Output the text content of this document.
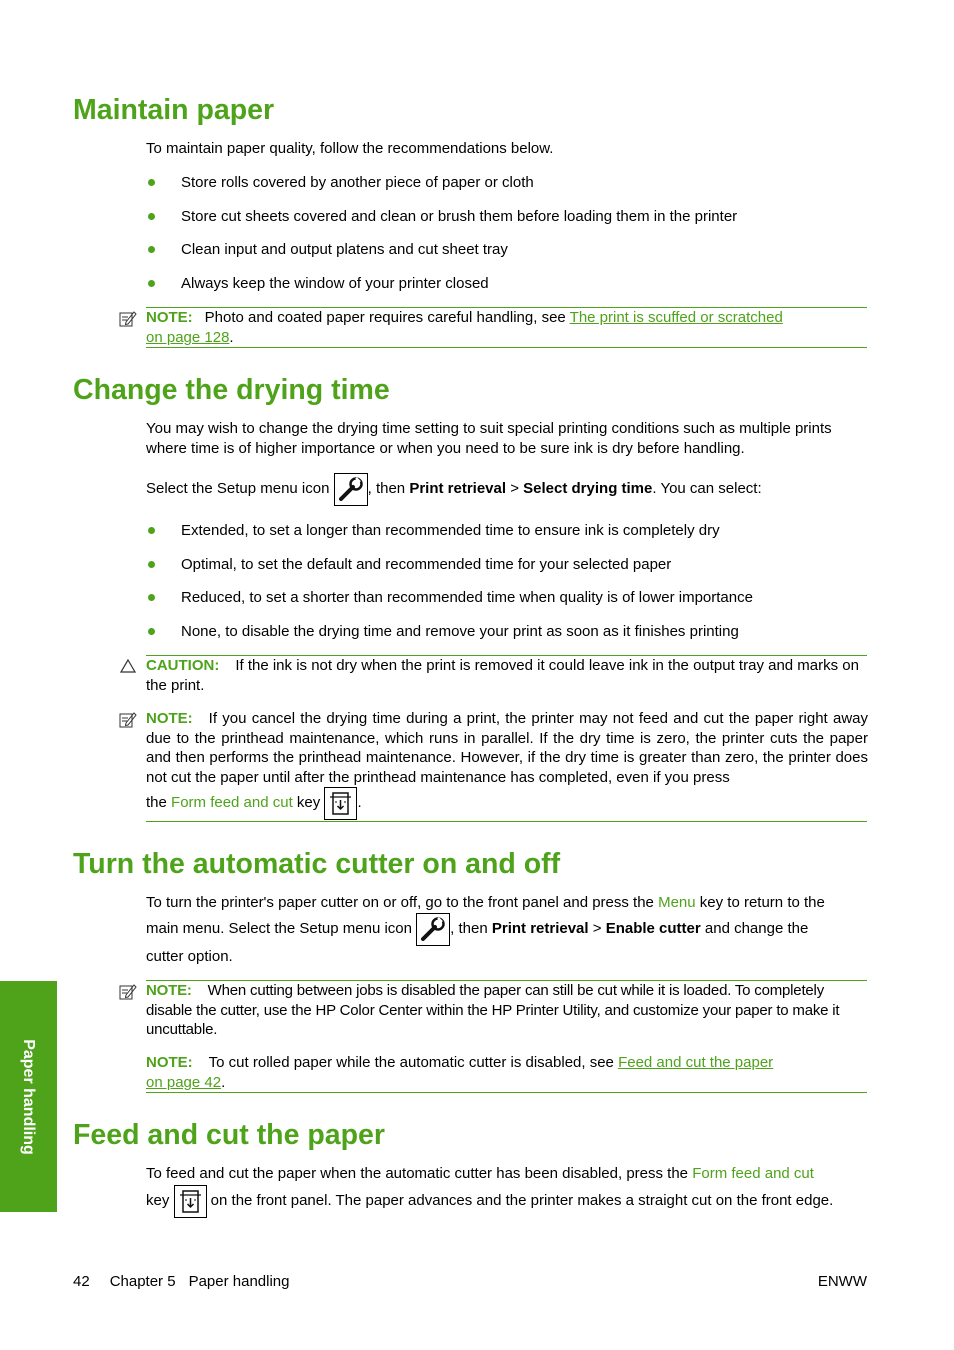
Maintain paper

To maintain paper quality, follow the recommendations below.

Store rolls covered by another piece of paper or cloth
Store cut sheets covered and clean or brush them before loading them in the printer
Clean input and output platens and cut sheet tray
Always keep the window of your printer closed
NOTE: Photo and coated paper requires careful handling, see The print is scuffed or scratched
on page 128.
Change the drying time

You may wish to change the drying time setting to suit special printing conditions such as multiple prints where time is of higher importance or when you need to be sure ink is dry before handling.

Select the Setup menu icon
, then Print retrieval > Select drying time. You can select:
Extended, to set a longer than recommended time to ensure ink is completely dry
Optimal, to set the default and recommended time for your selected paper
Reduced, to set a shorter than recommended time when quality is of lower importance
None, to disable the drying time and remove your print as soon as it finishes printing

CAUTION: If the ink is not dry when the print is removed it could leave ink in the output tray and marks on the print.

NOTE: If you cancel the drying time during a print, the printer may not feed and cut the paper right away due to the printhead maintenance, which runs in parallel. If the dry time is zero, the printer cuts the paper and then performs the printhead maintenance. However, if the dry time is greater than zero, the printer does not cut the paper until after the printhead maintenance has completed, even if you press

the Form feed and cut key
.
Turn the automatic cutter on and off

To turn the printer's paper cutter on or off, go to the front panel and press the Menu key to return to the

main menu. Select the Setup menu icon
, then Print retrieval > Enable cutter and change the

cutter option.

NOTE: When cutting between jobs is disabled the paper can still be cut while it is loaded. To completely disable the cutter, use the HP Color Center within the HP Printer Utility, and customize your paper to make it uncuttable.

NOTE: To cut rolled paper while the automatic cutter is disabled, see Feed and cut the paper
on page 42.
Feed and cut the paper

To feed and cut the paper when the automatic cutter has been disabled, press the Form feed and cut

key
on the front panel. The paper advances and the printer makes a straight cut on the front edge.
Paper handling
42 Chapter 5 Paper handling	ENWW
